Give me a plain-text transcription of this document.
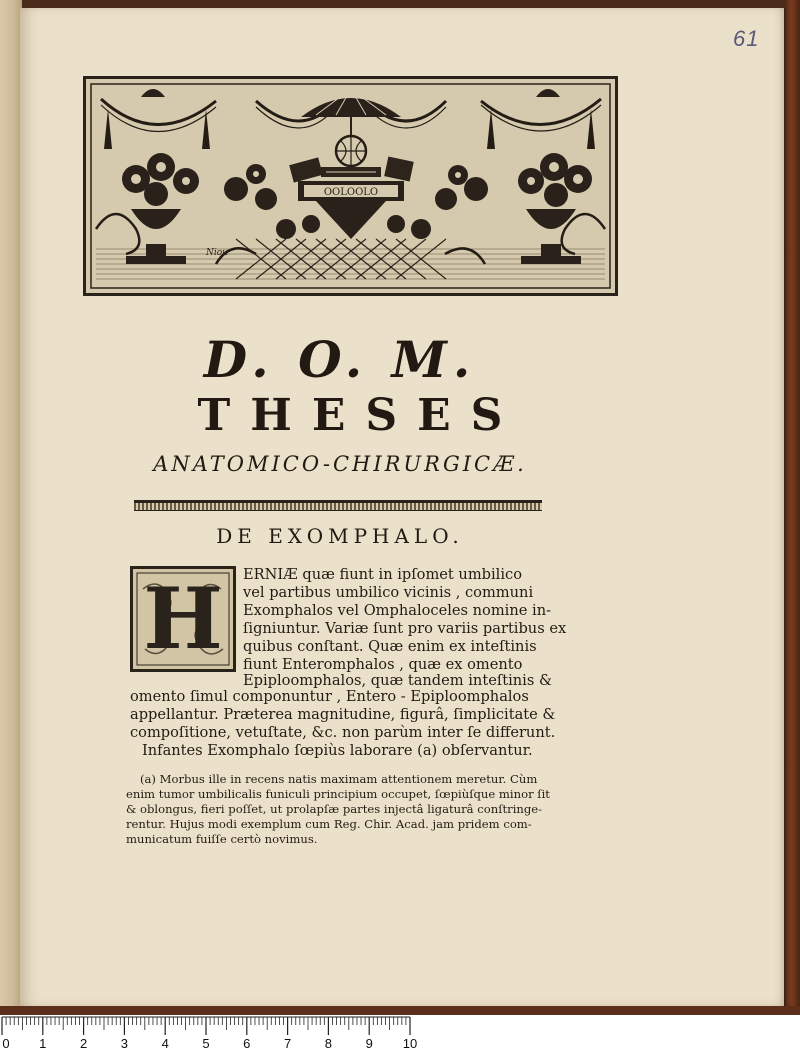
61
OOLOOLO
Niou
D. O. M.
THESES
ANATOMICO-CHIRURGICÆ.
DE EXOMPHALO.
H	ERNIÆ quæ fiunt in ipſomet umbilico
vel partibus umbilico vicinis , communi
Exomphalos vel Omphaloceles nomine in-
ſigniuntur. Variæ ſunt pro variis partibus ex
quibus conſtant. Quæ enim ex inteſtinis
fiunt Enteromphalos , quæ ex omento
Epiploomphalos, quæ tandem inteſtinis &
omento ſimul componuntur , Entero - Epiploomphalos
appellantur. Præterea magnitudine, figurâ, ſimplicitate &
compoſitione, vetuſtate, &c. non parùm inter ſe differunt.
Infantes Exomphalo ſœpiùs laborare (a) obſervantur.
(a) Morbus ille in recens natis maximam attentionem meretur. Cùm
enim tumor umbilicalis funiculi principium occupet, ſœpiùſque minor ſit
& oblongus, fieri poſſet, ut prolapſæ partes injectâ ligaturâ conſtringe-
rentur. Hujus modi exemplum cum Reg. Chir. Acad. jam pridem com-
municatum fuiſſe certò novimus.
0 1	2	3	4	5	6	7	8	9 10
